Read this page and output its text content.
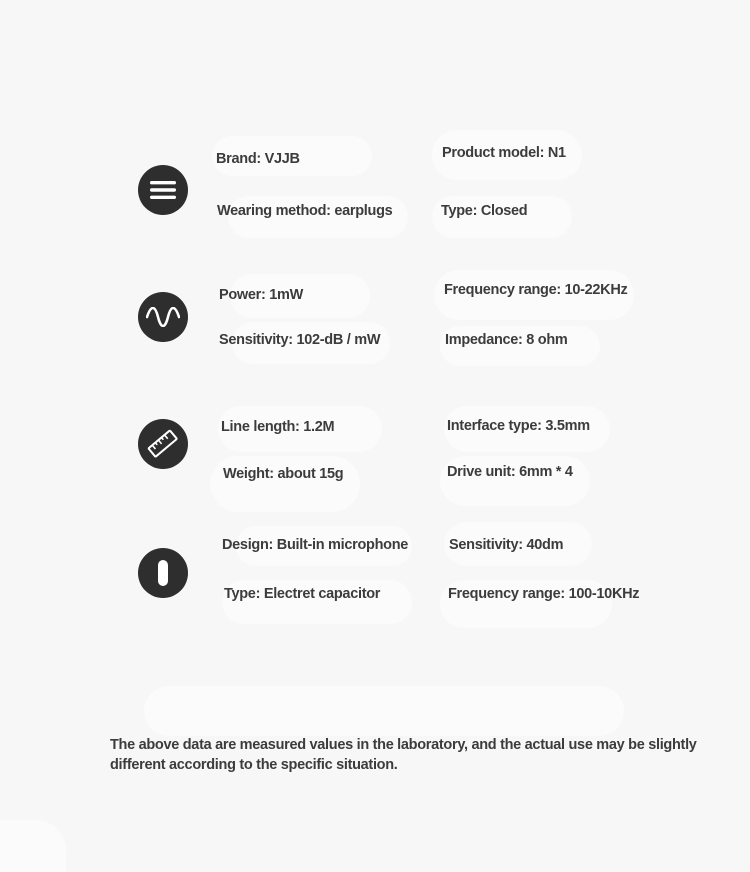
Brand: VJJB	Product model: N1
Wearing method: earplugs	Type: Closed
Power: 1mW	Frequency range: 10-22KHz
Sensitivity: 102-dB / mW	Impedance: 8 ohm
Line length: 1.2M	Interface type: 3.5mm
Weight: about 15g	Drive unit: 6mm * 4
Design: Built-in microphone	Sensitivity: 40dm
Type: Electret capacitor	Frequency range: 100-10KHz
The above data are measured values in the laboratory, and the actual use may be slightly different according to the specific situation.
